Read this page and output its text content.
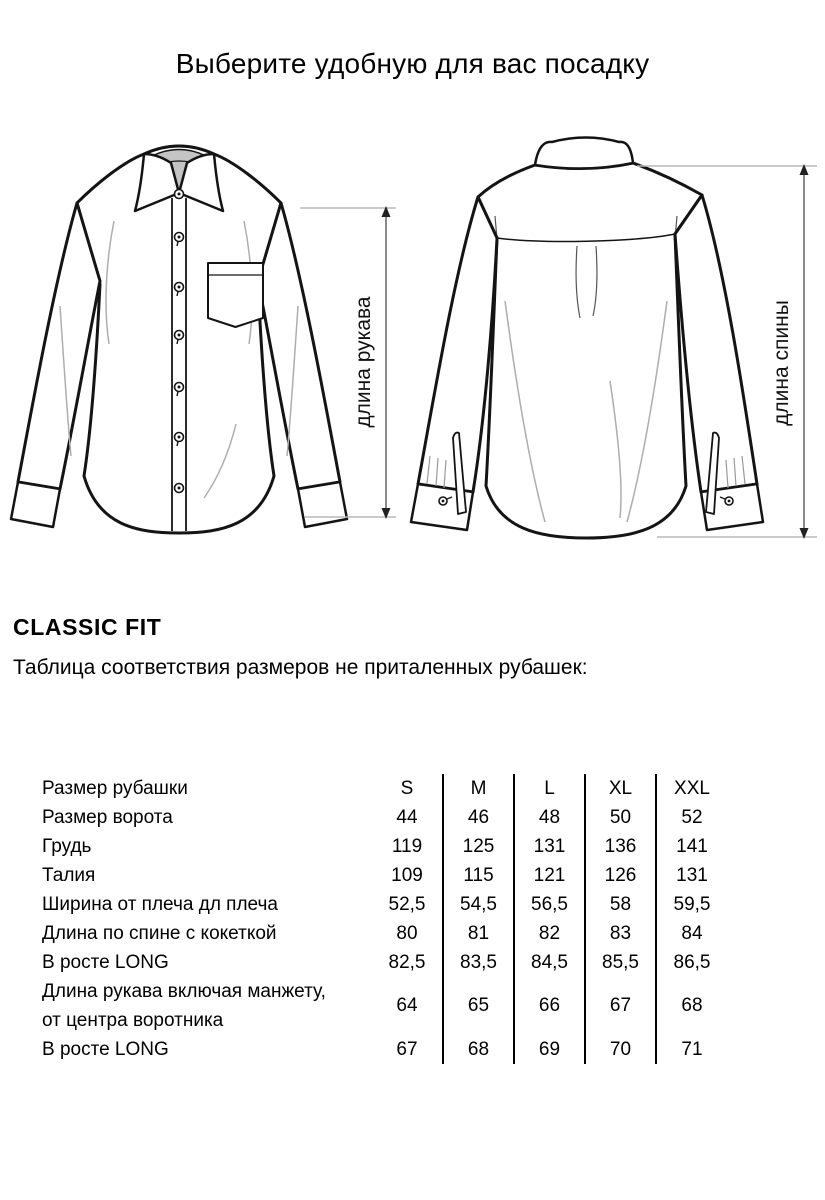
Выберите удобную для вас посадку
длина рукава	длина спины
CLASSIC FIT
Таблица соответствия размеров не приталенных рубашек:
Размер рубашки	S	M	L	XL	XXL
Размер ворота	44	46	48	50	52
Грудь	119	125	131	136	141
Талия	109	115	121	126	131
Ширина от плеча дл плеча	52,5	54,5	56,5	58	59,5
Длина по спине с кокеткой	80	81	82	83	84
В росте LONG	82,5	83,5	84,5	85,5	86,5

Длина рукава включая манжету,
от центра воротника	64	65	66	67	68
В росте LONG	67	68	69	70	71
